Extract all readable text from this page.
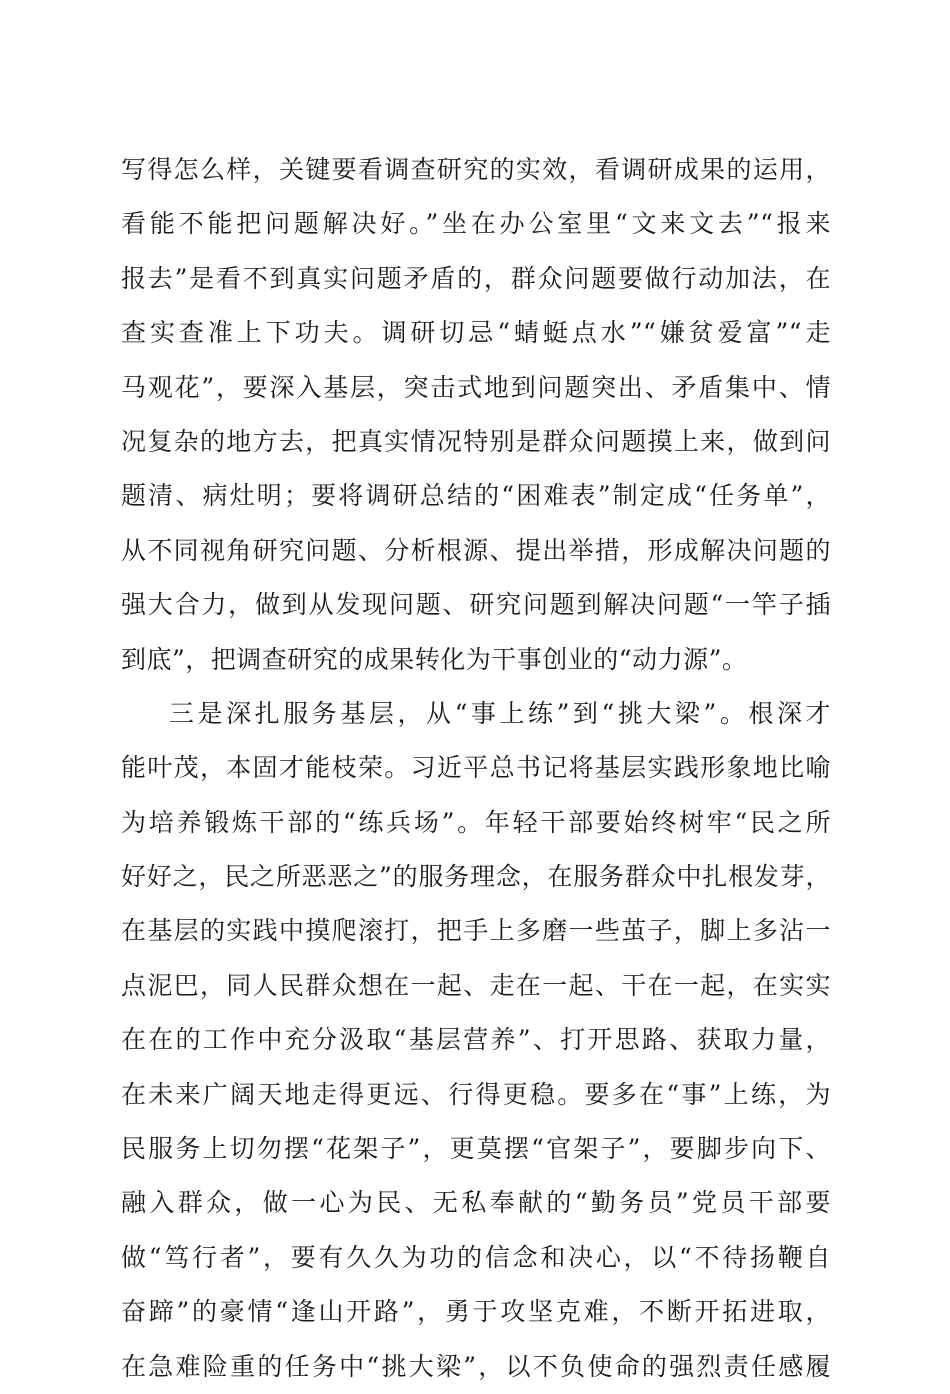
写得怎么样，关键要看调查研究的实效，看调研成果的运用，
看能不能把问题解决好。”坐在办公室里“文来文去”“报来
报去”是看不到真实问题矛盾的，群众问题要做行动加法，在
查实查准上下功夫。调研切忌“蜻蜓点水”“嫌贫爱富”“走
马观花”，要深入基层，突击式地到问题突出、矛盾集中、情
况复杂的地方去，把真实情况特别是群众问题摸上来，做到问
题清、病灶明；要将调研总结的“困难表”制定成“任务单”，
从不同视角研究问题、分析根源、提出举措，形成解决问题的
强大合力，做到从发现问题、研究问题到解决问题“一竿子插
到底”，把调查研究的成果转化为干事创业的“动力源”。
三是深扎服务基层，从“事上练”到“挑大梁”。根深才
能叶茂，本固才能枝荣。习近平总书记将基层实践形象地比喻
为培养锻炼干部的“练兵场”。年轻干部要始终树牢“民之所
好好之，民之所恶恶之”的服务理念，在服务群众中扎根发芽，
在基层的实践中摸爬滚打，把手上多磨一些茧子，脚上多沾一
点泥巴，同人民群众想在一起、走在一起、干在一起，在实实
在在的工作中充分汲取“基层营养”、打开思路、获取力量，
在未来广阔天地走得更远、行得更稳。要多在“事”上练，为
民服务上切勿摆“花架子”，更莫摆“官架子”，要脚步向下、
融入群众，做一心为民、无私奉献的“勤务员”党员干部要
做“笃行者”，要有久久为功的信念和决心，以“不待扬鞭自
奋蹄”的豪情“逢山开路”，勇于攻坚克难，不断开拓进取，
在急难险重的任务中“挑大梁”，以不负使命的强烈责任感履
